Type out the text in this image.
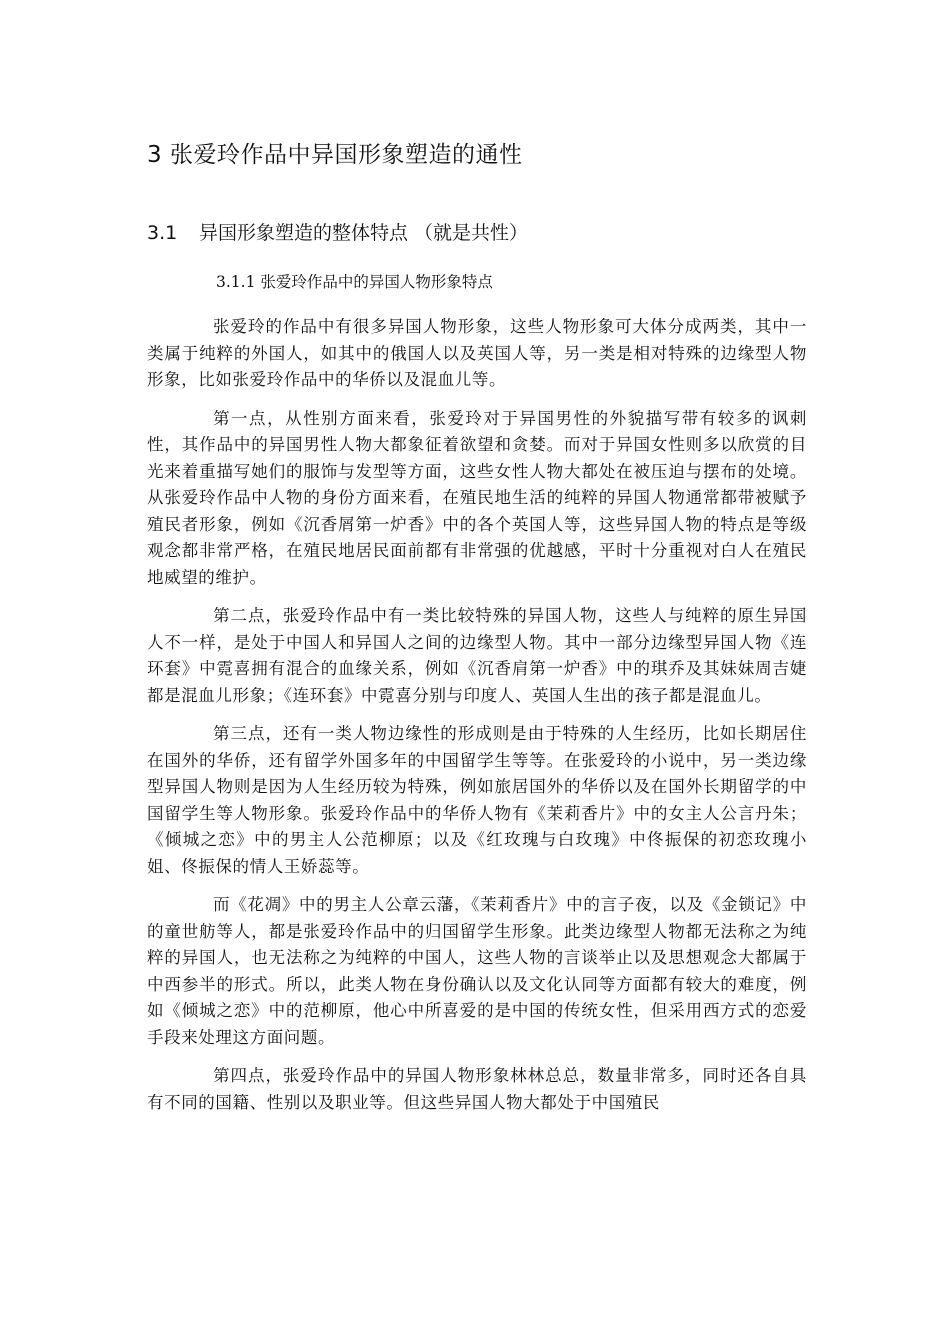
3 张爱玲作品中异国形象塑造的通性
3.1 异国形象塑造的整体特点 （就是共性）
3.1.1 张爱玲作品中的异国人物形象特点

张爱玲的作品中有很多异国人物形象，这些人物形象可大体分成两类，其中一类属于纯粹的外国人，如其中的俄国人以及英国人等，另一类是相对特殊的边缘型人物形象，比如张爱玲作品中的华侨以及混血儿等。

第一点，从性别方面来看，张爱玲对于异国男性的外貌描写带有较多的讽刺性，其作品中的异国男性人物大都象征着欲望和贪婪。而对于异国女性则多以欣赏的目光来着重描写她们的服饰与发型等方面，这些女性人物大都处在被压迫与摆布的处境。从张爱玲作品中人物的身份方面来看，在殖民地生活的纯粹的异国人物通常都带被赋予殖民者形象，例如《沉香屑第一炉香》中的各个英国人等，这些异国人物的特点是等级观念都非常严格，在殖民地居民面前都有非常强的优越感，平时十分重视对白人在殖民地威望的维护。

第二点，张爱玲作品中有一类比较特殊的异国人物，这些人与纯粹的原生异国人不一样，是处于中国人和异国人之间的边缘型人物。其中一部分边缘型异国人物《连环套》中霓喜拥有混合的血缘关系，例如《沉香肩第一炉香》中的琪乔及其妹妹周吉婕都是混血儿形象；《连环套》中霓喜分别与印度人、英国人生出的孩子都是混血儿。

第三点，还有一类人物边缘性的形成则是由于特殊的人生经历，比如长期居住在国外的华侨，还有留学外国多年的中国留学生等等。在张爱玲的小说中，另一类边缘型异国人物则是因为人生经历较为特殊，例如旅居国外的华侨以及在国外长期留学的中国留学生等人物形象。张爱玲作品中的华侨人物有《茉莉香片》中的女主人公言丹朱；《倾城之恋》中的男主人公范柳原；以及《红玫瑰与白玫瑰》中佟振保的初恋玫瑰小姐、佟振保的情人王娇蕊等。

而《花凋》中的男主人公章云藩，《茉莉香片》中的言子夜，以及《金锁记》中的童世舫等人，都是张爱玲作品中的归国留学生形象。此类边缘型人物都无法称之为纯粹的异国人，也无法称之为纯粹的中国人，这些人物的言谈举止以及思想观念大都属于中西参半的形式。所以，此类人物在身份确认以及文化认同等方面都有较大的难度，例如《倾城之恋》中的范柳原，他心中所喜爱的是中国的传统女性，但采用西方式的恋爱手段来处理这方面问题。

第四点，张爱玲作品中的异国人物形象林林总总，数量非常多，同时还各自具有不同的国籍、性别以及职业等。但这些异国人物大都处于中国殖民
